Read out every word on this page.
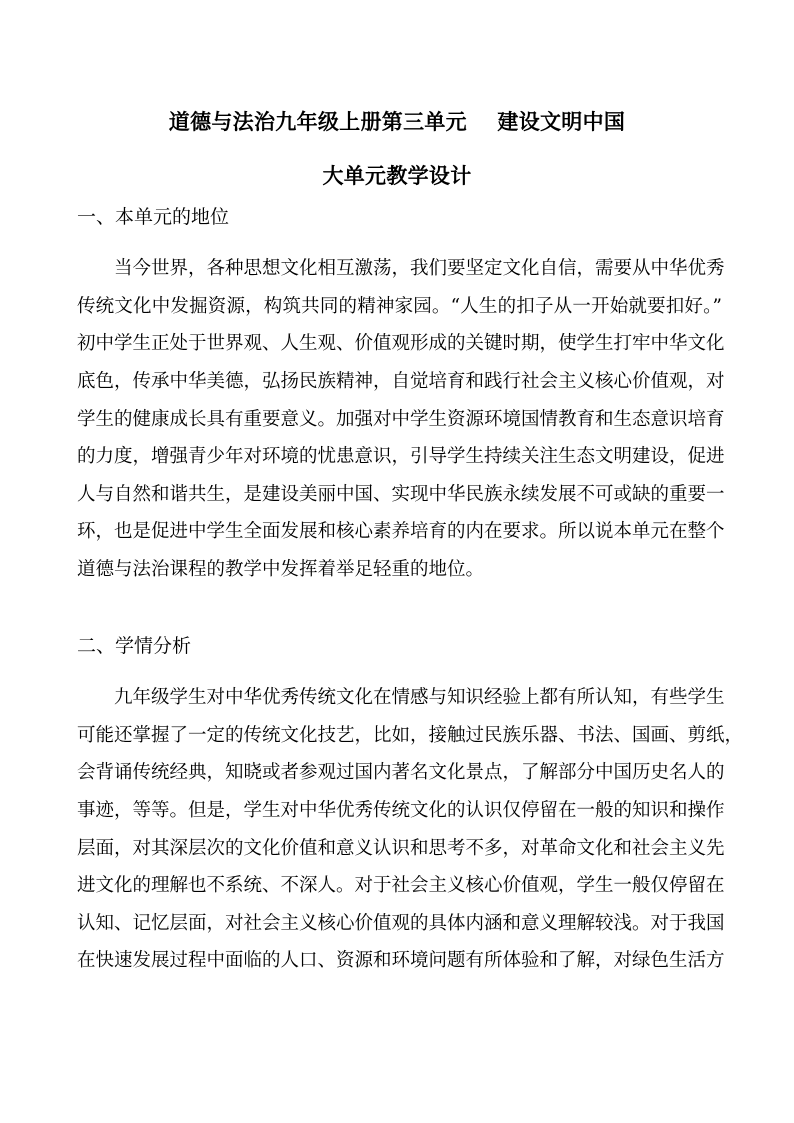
道德与法治九年级上册第三单元    建设文明中国
大单元教学设计
一、本单元的地位
当今世界，各种思想文化相互激荡，我们要坚定文化自信，需要从中华优秀
传统文化中发掘资源，构筑共同的精神家园。“人生的扣子从一开始就要扣好。”
初中学生正处于世界观、人生观、价值观形成的关键时期，使学生打牢中华文化
底色，传承中华美德，弘扬民族精神，自觉培育和践行社会主义核心价值观，对
学生的健康成长具有重要意义。加强对中学生资源环境国情教育和生态意识培育
的力度，增强青少年对环境的忧患意识，引导学生持续关注生态文明建设，促进
人与自然和谐共生，是建设美丽中国、实现中华民族永续发展不可或缺的重要一
环，也是促进中学生全面发展和核心素养培育的内在要求。所以说本单元在整个
道德与法治课程的教学中发挥着举足轻重的地位。
二、学情分析
九年级学生对中华优秀传统文化在情感与知识经验上都有所认知，有些学生
可能还掌握了一定的传统文化技艺，比如，接触过民族乐器、书法、国画、剪纸，
会背诵传统经典，知晓或者参观过国内著名文化景点，了解部分中国历史名人的
事迹，等等。但是，学生对中华优秀传统文化的认识仅停留在一般的知识和操作
层面，对其深层次的文化价值和意义认识和思考不多，对革命文化和社会主义先
进文化的理解也不系统、不深人。对于社会主义核心价值观，学生一般仅停留在
认知、记忆层面，对社会主义核心价值观的具体内涵和意义理解较浅。对于我国
在快速发展过程中面临的人口、资源和环境问题有所体验和了解，对绿色生活方
